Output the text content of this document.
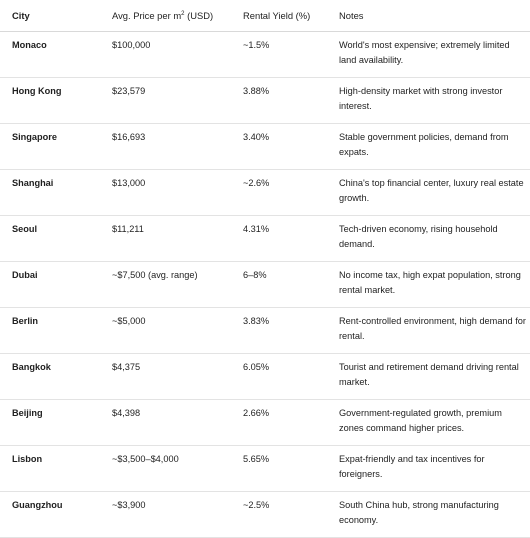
City	Avg. Price per $m^2$ (USD)	Rental Yield (%)	Notes
Monaco	$100,000	~1.5%	World's most expensive; extremely limited land availability.
Hong Kong	$23,579	3.88%	High-density market with strong investor interest.
Singapore	$16,693	3.40%	Stable government policies, demand from expats.
Shanghai	$13,000	~2.6%	China's top financial center, luxury real estate growth.
Seoul	$11,211	4.31%	Tech-driven economy, rising household demand.
Dubai	~$7,500 (avg. range)	6–8%	No income tax, high expat population, strong rental market.
Berlin	~$5,000	3.83%	Rent-controlled environment, high demand for rental.
Bangkok	$4,375	6.05%	Tourist and retirement demand driving rental market.
Beijing	$4,398	2.66%	Government-regulated growth, premium zones command higher prices.
Lisbon	~$3,500–$4,000	5.65%	Expat-friendly and tax incentives for foreigners.
Guangzhou	~$3,900	~2.5%	South China hub, strong manufacturing economy.
